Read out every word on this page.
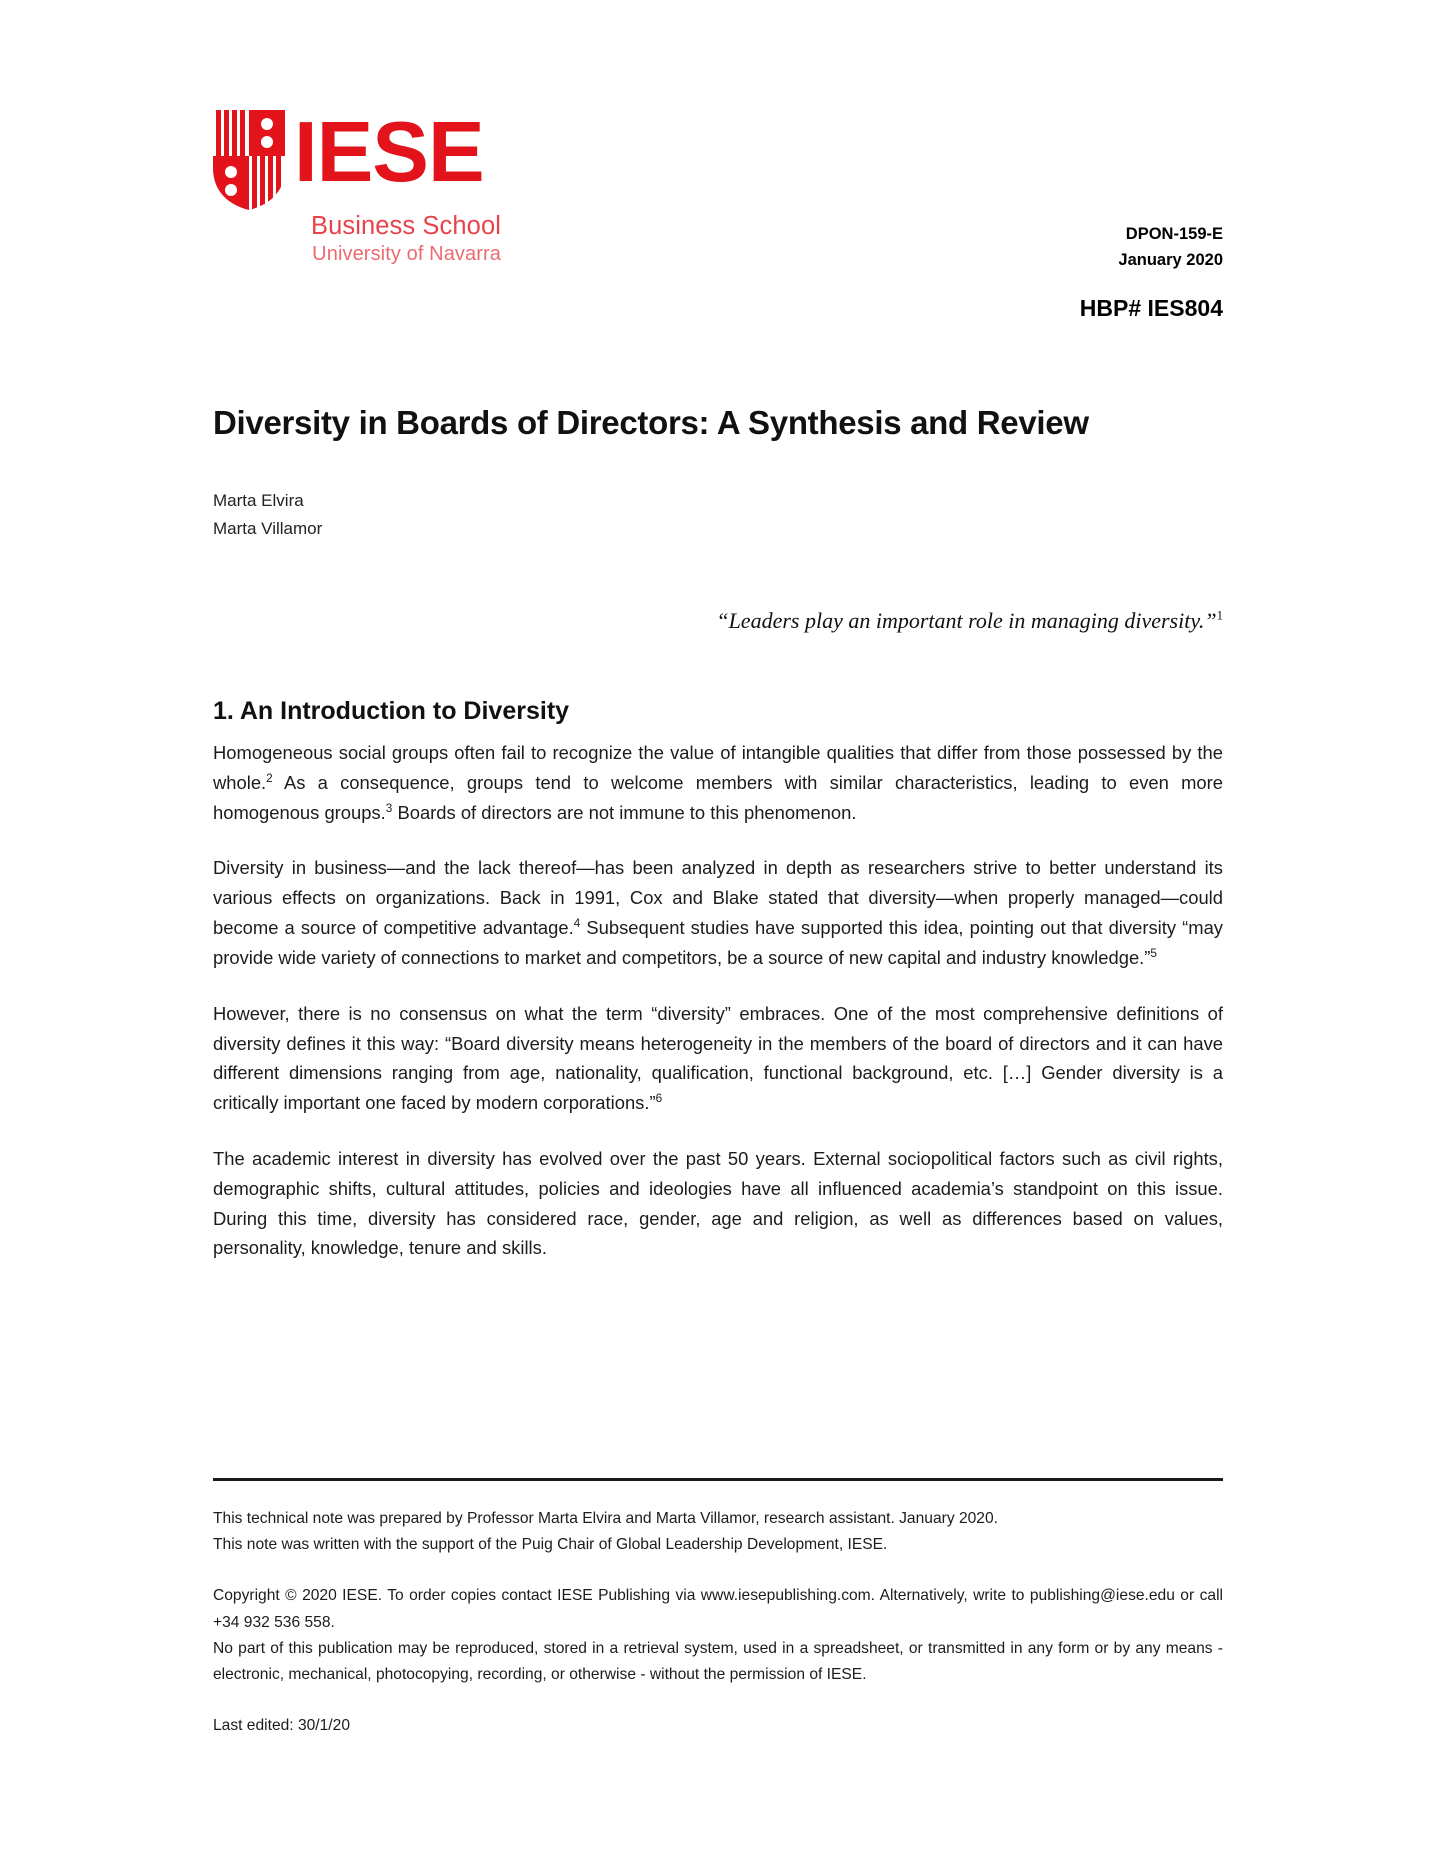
IESE
Business School
University of Navarra
DPON-159-E
January 2020
HBP# IES804
Diversity in Boards of Directors: A Synthesis and Review
Marta Elvira
Marta Villamor
“Leaders play an important role in managing diversity.”$^1$
1. An Introduction to Diversity

Homogeneous social groups often fail to recognize the value of intangible qualities that differ from those possessed by the whole.$^2$ As a consequence, groups tend to welcome members with similar characteristics, leading to even more homogenous groups.$^3$ Boards of directors are not immune to this phenomenon.

Diversity in business—and the lack thereof—has been analyzed in depth as researchers strive to better understand its various effects on organizations. Back in 1991, Cox and Blake stated that diversity—when properly managed—could become a source of competitive advantage.$^4$ Subsequent studies have supported this idea, pointing out that diversity “may provide wide variety of connections to market and competitors, be a source of new capital and industry knowledge.”$^5$

However, there is no consensus on what the term “diversity” embraces. One of the most comprehensive definitions of diversity defines it this way: “Board diversity means heterogeneity in the members of the board of directors and it can have different dimensions ranging from age, nationality, qualification, functional background, etc. […] Gender diversity is a critically important one faced by modern corporations.”$^6$

The academic interest in diversity has evolved over the past 50 years. External sociopolitical factors such as civil rights, demographic shifts, cultural attitudes, policies and ideologies have all influenced academia’s standpoint on this issue. During this time, diversity has considered race, gender, age and religion, as well as differences based on values, personality, knowledge, tenure and skills.

This technical note was prepared by Professor Marta Elvira and Marta Villamor, research assistant. January 2020.

This note was written with the support of the Puig Chair of Global Leadership Development, IESE.

Copyright © 2020 IESE. To order copies contact IESE Publishing via www.iesepublishing.com. Alternatively, write to publishing@iese.edu or call +34 932 536 558.

No part of this publication may be reproduced, stored in a retrieval system, used in a spreadsheet, or transmitted in any form or by any means - electronic, mechanical, photocopying, recording, or otherwise - without the permission of IESE.

Last edited: 30/1/20
